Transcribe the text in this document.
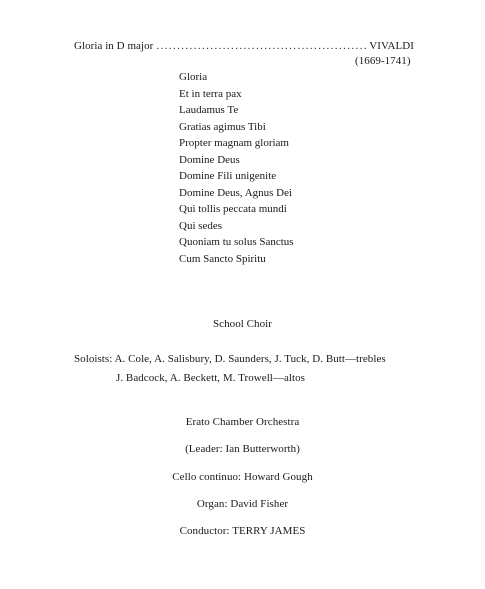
Gloria in D major
.....	VIVALDI
(1669-1741)
Gloria
Et in terra pax
Laudamus Te
Gratias agimus Tibi
Propter magnam gloriam
Domine Deus
Domine Fili unigenite
Domine Deus, Agnus Dei
Qui tollis peccata mundi
Qui sedes
Quoniam tu solus Sanctus
Cum Sancto Spiritu
School Choir
Soloists: A. Cole, A. Salisbury, D. Saunders, J. Tuck, D. Butt—trebles
J. Badcock, A. Beckett, M. Trowell—altos
Erato Chamber Orchestra
(Leader: Ian Butterworth)
Cello continuo: Howard Gough
Organ: David Fisher
Conductor: TERRY JAMES
